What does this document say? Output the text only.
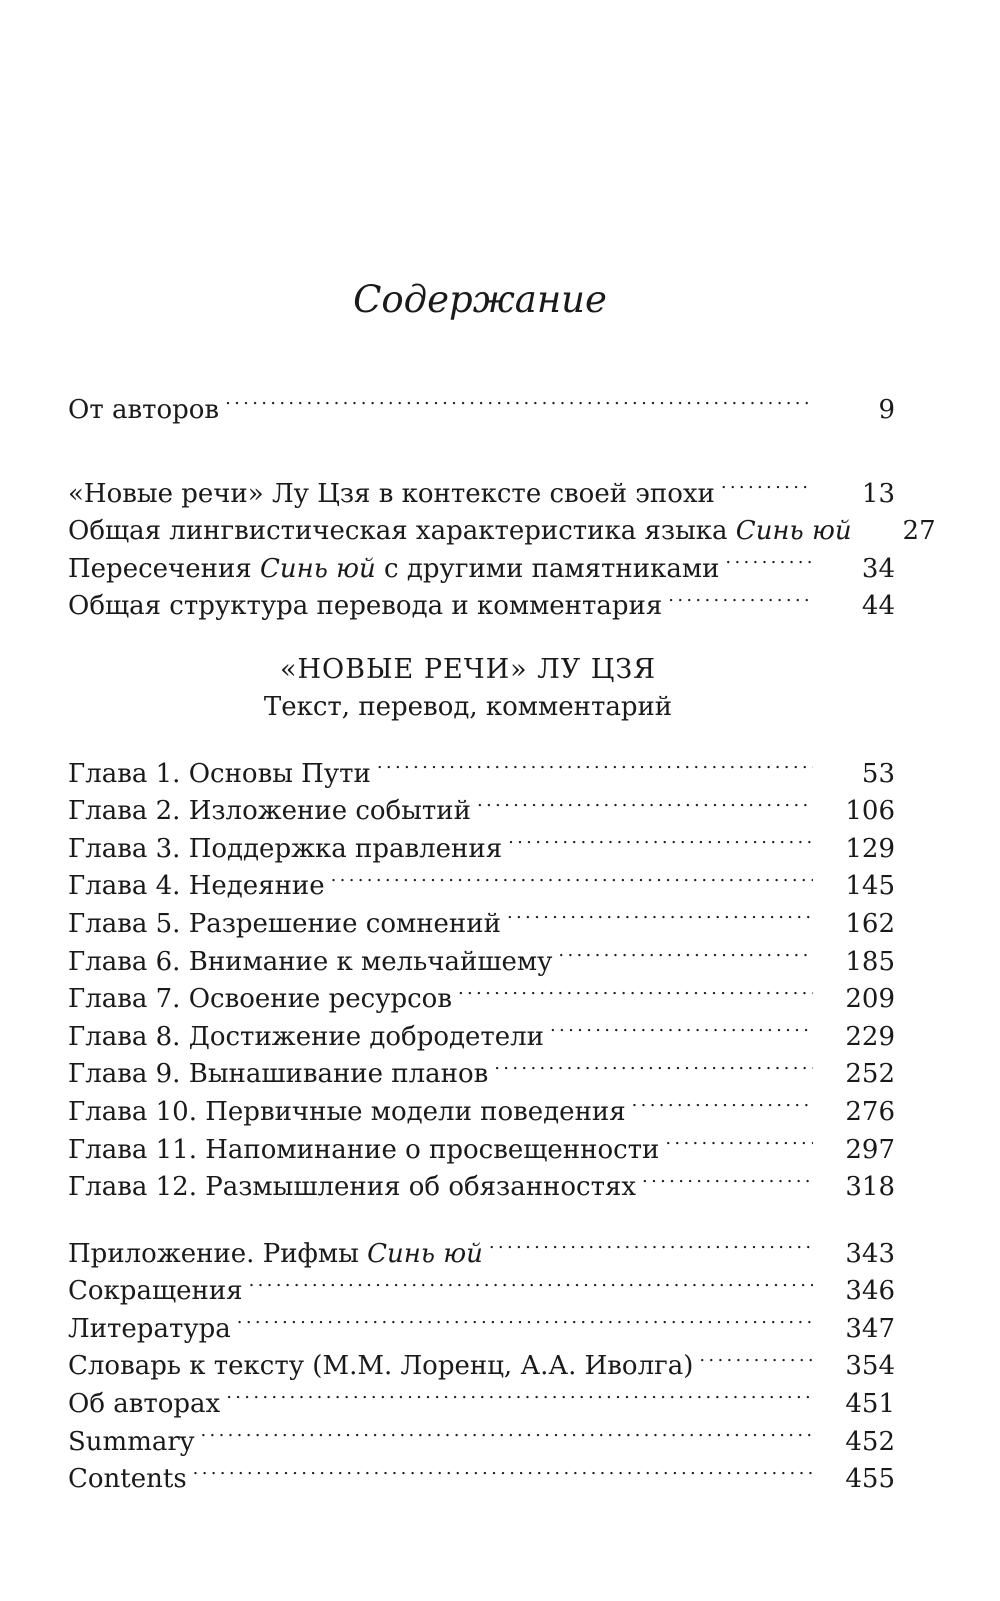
Содержание
От авторов . . .	9
«Новые речи» Лу Цзя в контексте своей эпохи . . .	13
Общая лингвистическая характеристика языка Синь юй	27
Пересечения Синь юй с другими памятниками . . .	34
Общая структура перевода и комментария . . .	44
«НОВЫЕ РЕЧИ» ЛУ ЦЗЯ
Текст, перевод, комментарий
Глава 1. Основы Пути . . .	53
Глава 2. Изложение событий . . .	106
Глава 3. Поддержка правления . . .	129
Глава 4. Недеяние . . .	145
Глава 5. Разрешение сомнений . . .	162
Глава 6. Внимание к мельчайшему . . .	185
Глава 7. Освоение ресурсов . . .	209
Глава 8. Достижение добродетели . . .	229
Глава 9. Вынашивание планов . . .	252
Глава 10. Первичные модели поведения . . .	276
Глава 11. Напоминание о просвещенности . . .	297
Глава 12. Размышления об обязанностях . . .	318
Приложение. Рифмы Синь юй . . .	343
Сокращения . . .	346
Литература . . .	347
Словарь к тексту (М.М. Лоренц, А.А. Иволга) . . .	354
Об авторах . . .	451
Summary . . .	452
Contents . . .	455
